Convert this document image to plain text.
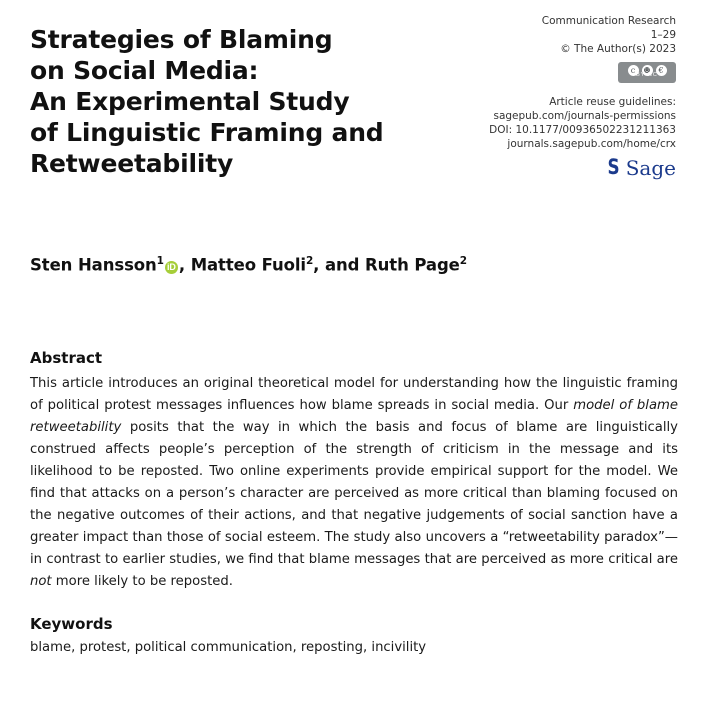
Strategies of Blaming
on Social Media:
An Experimental Study
of Linguistic Framing and
Retweetability
Communication Research
1–29
© The Author(s) 2023
c	☻ €
BY NC
Article reuse guidelines:
sagepub.com/journals-permissions
DOI: 10.1177/00936502231211363
journals.sagepub.com/home/crx
S Sage
Sten Hansson$^1$ iD , Matteo Fuoli$^2$, and Ruth Page$^2$
Abstract
This article introduces an original theoretical model for understanding how the linguistic framing of political protest messages influences how blame spreads in social media. Our model of blame retweetability posits that the way in which the basis and focus of blame are linguistically construed affects people’s perception of the strength of criticism in the message and its likelihood to be reposted. Two online experiments provide empirical support for the model. We find that attacks on a person’s character are perceived as more critical than blaming focused on the negative outcomes of their actions, and that negative judgements of social sanction have a greater impact than those of social esteem. The study also uncovers a “retweetability paradox”—in contrast to earlier studies, we find that blame messages that are perceived as more critical are not more likely to be reposted.
Keywords
blame, protest, political communication, reposting, incivility
